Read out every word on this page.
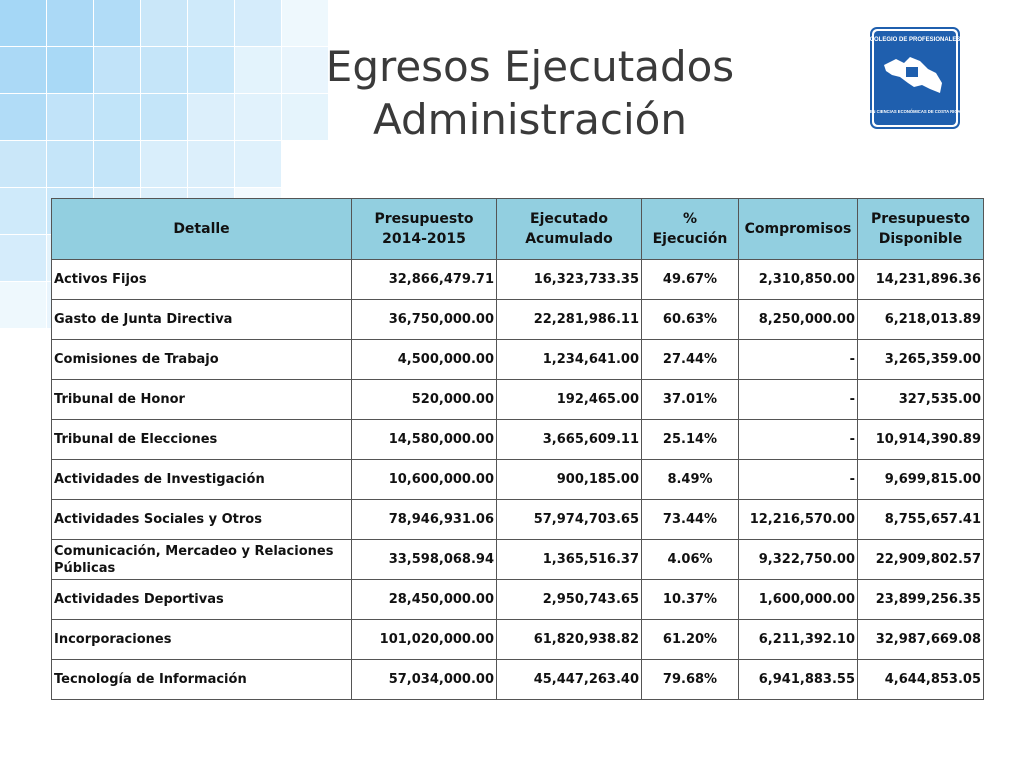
Egresos Ejecutados
Administración
COLEGIO DE PROFESIONALES
EN CIENCIAS ECONÓMICAS DE COSTA RICA
Detalle	Presupuesto 2014-2015	Ejecutado Acumulado	% Ejecución	Compromisos	Presupuesto Disponible
Activos Fijos	32,866,479.71	16,323,733.35	49.67%	2,310,850.00	14,231,896.36
Gasto de Junta Directiva	36,750,000.00	22,281,986.11	60.63%	8,250,000.00	6,218,013.89
Comisiones de Trabajo	4,500,000.00	1,234,641.00	27.44%	-	3,265,359.00
Tribunal de Honor	520,000.00	192,465.00	37.01%	-	327,535.00
Tribunal de Elecciones	14,580,000.00	3,665,609.11	25.14%	-	10,914,390.89
Actividades de Investigación	10,600,000.00	900,185.00	8.49%	-	9,699,815.00
Actividades Sociales y Otros	78,946,931.06	57,974,703.65	73.44%	12,216,570.00	8,755,657.41
Comunicación, Mercadeo y Relaciones Públicas	33,598,068.94	1,365,516.37	4.06%	9,322,750.00	22,909,802.57
Actividades Deportivas	28,450,000.00	2,950,743.65	10.37%	1,600,000.00	23,899,256.35
Incorporaciones	101,020,000.00	61,820,938.82	61.20%	6,211,392.10	32,987,669.08
Tecnología de Información	57,034,000.00	45,447,263.40	79.68%	6,941,883.55	4,644,853.05
